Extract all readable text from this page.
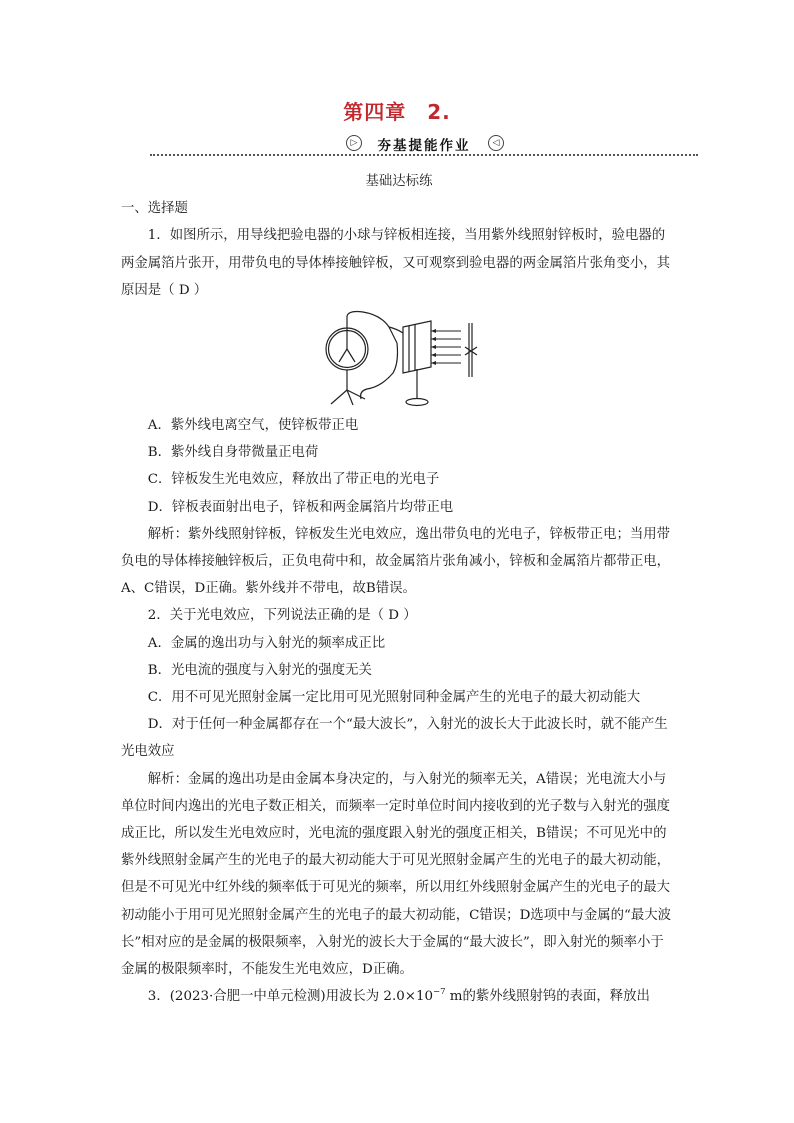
第四章　2.
▷	夯基提能作业	◁

基础达标练

一、选择题

1．如图所示，用导线把验电器的小球与锌板相连接，当用紫外线照射锌板时，验电器的两金属箔片张开，用带负电的导体棒接触锌板，又可观察到验电器的两金属箔片张角变小，其原因是（ D ）

A．紫外线电离空气，使锌板带正电

B．紫外线自身带微量正电荷

C．锌板发生光电效应，释放出了带正电的光电子

D．锌板表面射出电子，锌板和两金属箔片均带正电

解析：紫外线照射锌板，锌板发生光电效应，逸出带负电的光电子，锌板带正电；当用带负电的导体棒接触锌板后，正负电荷中和，故金属箔片张角减小，锌板和金属箔片都带正电，A、C错误，D正确。紫外线并不带电，故B错误。

2．关于光电效应，下列说法正确的是（ D ）

A．金属的逸出功与入射光的频率成正比

B．光电流的强度与入射光的强度无关

C．用不可见光照射金属一定比用可见光照射同种金属产生的光电子的最大初动能大

D．对于任何一种金属都存在一个“最大波长”，入射光的波长大于此波长时，就不能产生光电效应

解析：金属的逸出功是由金属本身决定的，与入射光的频率无关，A错误；光电流大小与单位时间内逸出的光电子数正相关，而频率一定时单位时间内接收到的光子数与入射光的强度成正比，所以发生光电效应时，光电流的强度跟入射光的强度正相关，B错误；不可见光中的紫外线照射金属产生的光电子的最大初动能大于可见光照射金属产生的光电子的最大初动能，但是不可见光中红外线的频率低于可见光的频率，所以用红外线照射金属产生的光电子的最大初动能小于用可见光照射金属产生的光电子的最大初动能，C错误；D选项中与金属的“最大波长”相对应的是金属的极限频率，入射光的波长大于金属的“最大波长”，即入射光的频率小于金属的极限频率时，不能发生光电效应，D正确。

3．(2023·合肥一中单元检测)用波长为 $2.0\times 10^{-7}$ m的紫外线照射钨的表面，释放出
